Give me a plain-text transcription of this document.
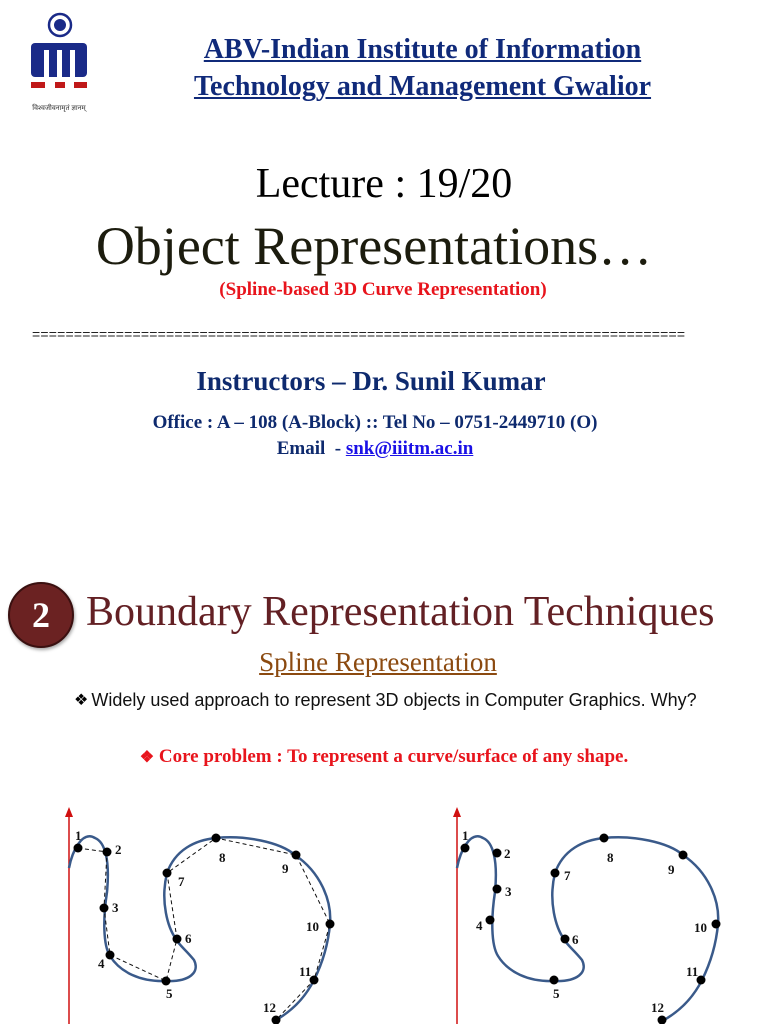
विश्वजीवनामृतं ज्ञानम्
ABV-Indian Institute of Information
Technology and Management Gwalior
Lecture : 19/20
Object Representations…
(Spline-based 3D Curve Representation)
==============================================================================
Instructors – Dr. Sunil Kumar
Office : A – 108 (A-Block) :: Tel No – 0751-2449710 (O)
Email  - snk@iiitm.ac.in
2 Boundary Representation Techniques
Spline Representation
❖ Widely used approach to represent 3D objects in Computer Graphics. Why?
❖ Core problem : To represent a curve/surface of any shape.
1
2
3
4
5
6
7
8
9
10
11
12
1
2
3
4
5
6
7
8
9
10
11
12
